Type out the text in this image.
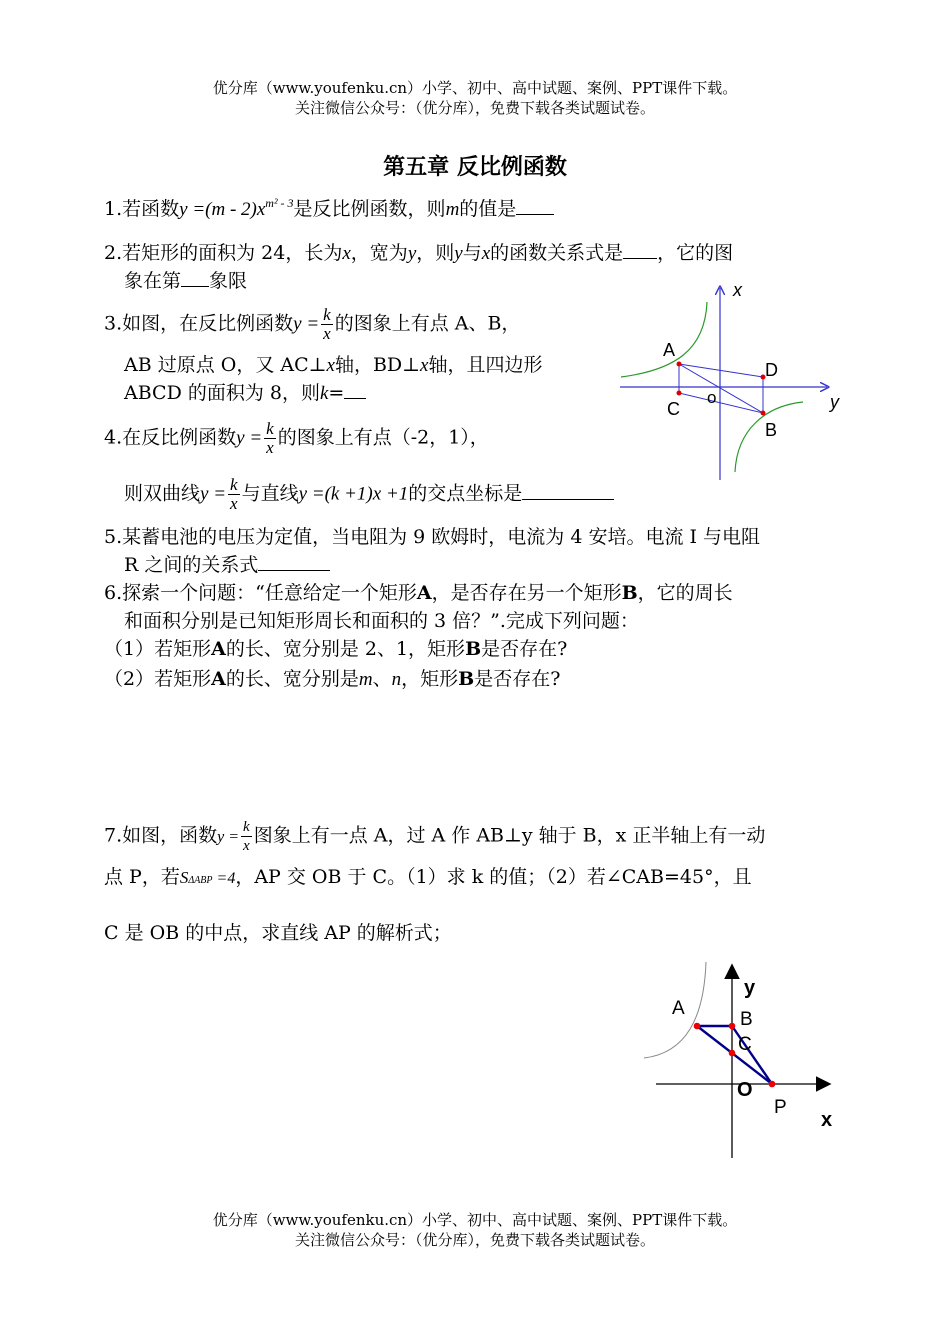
优分库（www.youfenku.cn）小学、初中、高中试题、案例、PPT课件下载。
关注微信公众号：（优分库），免费下载各类试题试卷。
第五章 反比例函数
1.若函数$y =(m - 2)x^{m^2 - 3}$是反比例函数，则m的值是
2.若矩形的面积为 24，长为x，宽为y，则y与x的函数关系式是 ，它的图
象在第 象限
3.如图，在反比例函数$y = \frac{k}{x}$ 的图象上有点 A、B，
AB 过原点 O，又 AC⊥x轴，BD⊥x轴，且四边形
ABCD 的面积为 8，则k=
x
y
A
D
C
B
o
4.在反比例函数$y = \frac{k}{x}$ 的图象上有点（-2，1），
则双曲线$y = \frac{k}{x}$ 与直线y =(k +1)x +1的交点坐标是
5.某蓄电池的电压为定值，当电阻为 9 欧姆时，电流为 4 安培。电流 I 与电阻
R 之间的关系式
6.探索一个问题：“任意给定一个矩形A，是否存在另一个矩形B，它的周长
和面积分别是已知矩形周长和面积的 3 倍？”.完成下列问题：
（1）若矩形A的长、宽分别是 2、1，矩形B是否存在?
（2）若矩形A的长、宽分别是m、n，矩形B是否存在?
7.如图，函数$y = \frac{k}{x}$ 图象上有一点 A，过 A 作 AB⊥y 轴于 B，x 正半轴上有一动
点 P，若SΔABP =4，AP 交 OB 于 C。（1）求 k 的值；（2）若∠CAB=45°，且
C 是 OB 的中点，求直线 AP 的解析式；
y
x
A
B
C
O
P
优分库（www.youfenku.cn）小学、初中、高中试题、案例、PPT课件下载。
关注微信公众号：（优分库），免费下载各类试题试卷。
